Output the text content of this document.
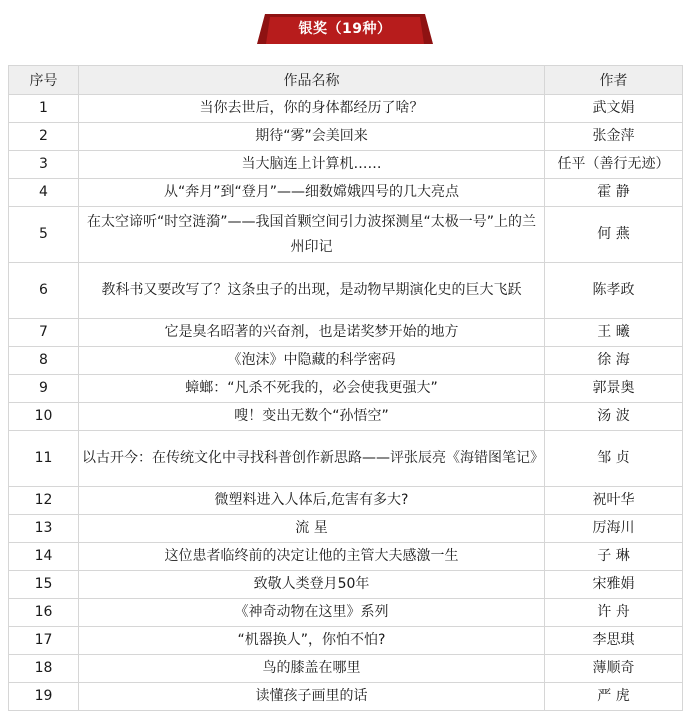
银奖（19种）
序号	作品名称	作者
1	当你去世后，你的身体都经历了啥？	武文娟
2	期待“雾”会美回来	张金萍
3	当大脑连上计算机……	任平（善行无迹）
4	从“奔月”到“登月”——细数嫦娥四号的几大亮点	霍 静
5	在太空谛听“时空涟漪”——我国首颗空间引力波探测星“太极一号”上的兰州印记	何 燕
6	教科书又要改写了？这条虫子的出现，是动物早期演化史的巨大飞跃	陈孝政
7	它是臭名昭著的兴奋剂，也是诺奖梦开始的地方	王 曦
8	《泡沫》中隐藏的科学密码	徐 海
9	蟑螂：“凡杀不死我的，必会使我更强大”	郭景奥
10	嗖！变出无数个“孙悟空”	汤 波
11	以古开今：在传统文化中寻找科普创作新思路——评张辰亮《海错图笔记》	邹 贞
12	微塑料进入人体后,危害有多大?	祝叶华
13	流 星	厉海川
14	这位患者临终前的决定让他的主管大夫感激一生	子 琳
15	致敬人类登月50年	宋雅娟
16	《神奇动物在这里》系列	许 舟
17	“机器换人”，你怕不怕?	李思琪
18	鸟的膝盖在哪里	薄顺奇
19	读懂孩子画里的话	严 虎
